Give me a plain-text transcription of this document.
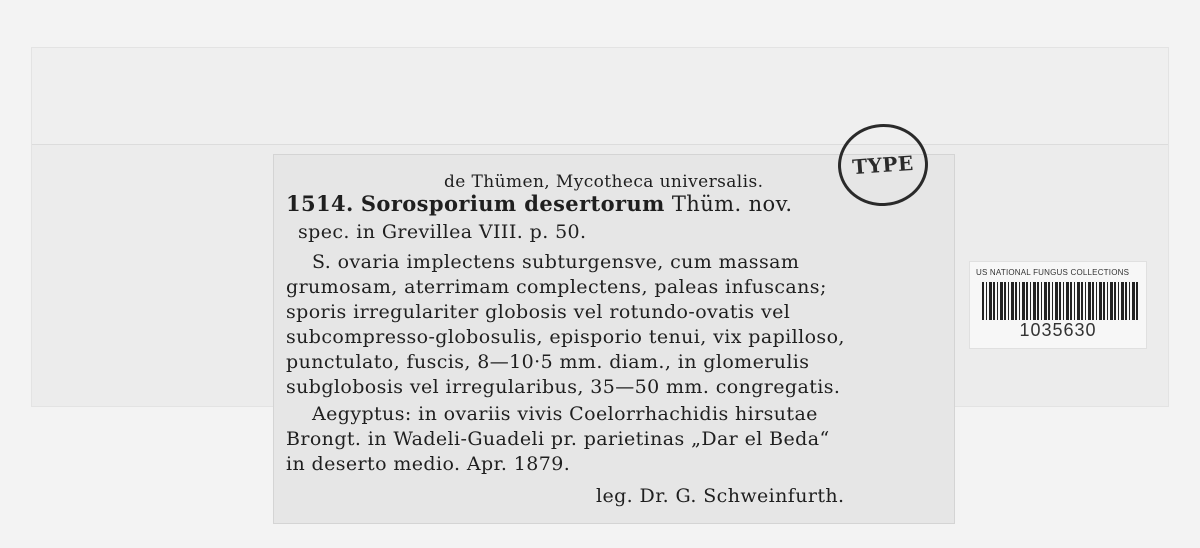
de Thümen, Mycotheca universalis.
1514. Sorosporium desertorum Thüm. nov.
spec. in Grevillea VIII. p. 50.
S. ovaria implectens subturgensve, cum massam
grumosam, aterrimam complectens, paleas infuscans;
sporis irregulariter globosis vel rotundo-ovatis vel
subcompresso-globosulis, episporio tenui, vix papilloso,
punctulato, fuscis, 8—10·5 mm. diam., in glomerulis
subglobosis vel irregularibus, 35—50 mm. congregatis.
Aegyptus: in ovariis vivis Coelorrhachidis hirsutae
Brongt. in Wadeli-Guadeli pr. parietinas „Dar el Beda“
in deserto medio. Apr. 1879.
leg. Dr. G. Schweinfurth.
TYPE
US NATIONAL FUNGUS COLLECTIONS
1035630
